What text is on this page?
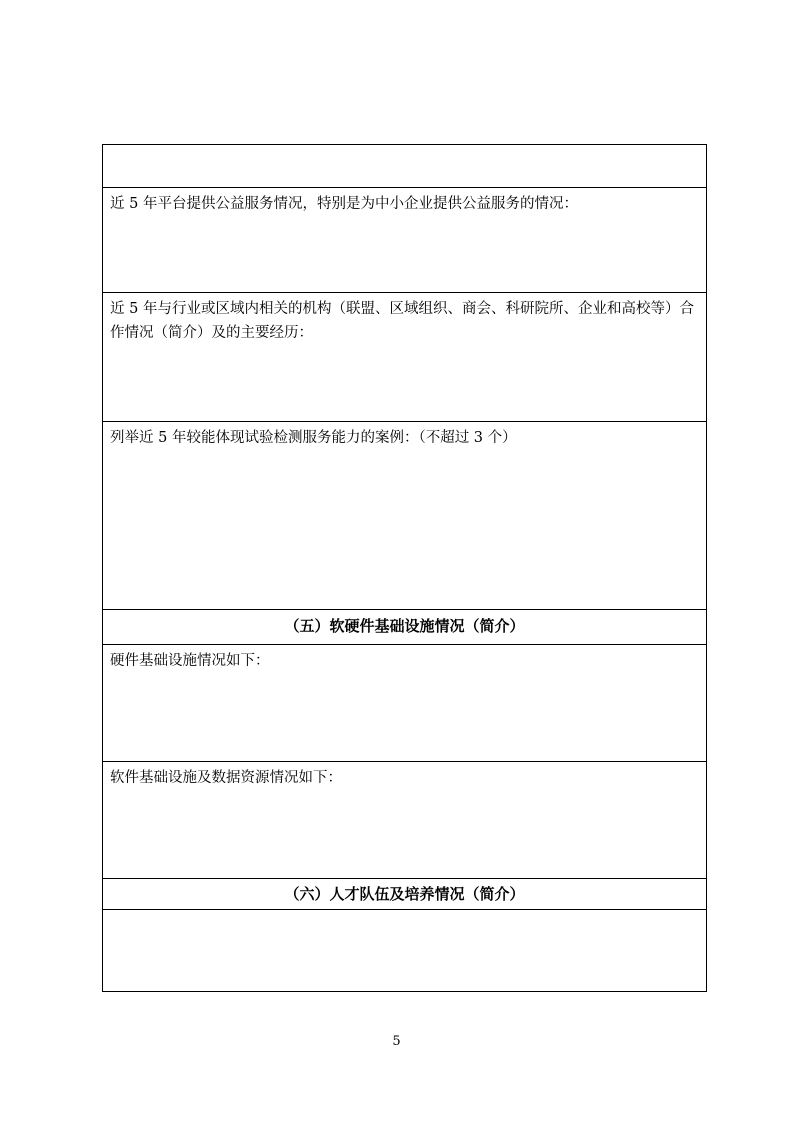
近 5 年平台提供公益服务情况，特别是为中小企业提供公益服务的情况：
近 5 年与行业或区域内相关的机构（联盟、区域组织、商会、科研院所、企业和高校等）合作情况（简介）及的主要经历：
列举近 5 年较能体现试验检测服务能力的案例：（不超过 3 个）
（五）软硬件基础设施情况（简介）
硬件基础设施情况如下：
软件基础设施及数据资源情况如下：
（六）人才队伍及培养情况（简介）
5
